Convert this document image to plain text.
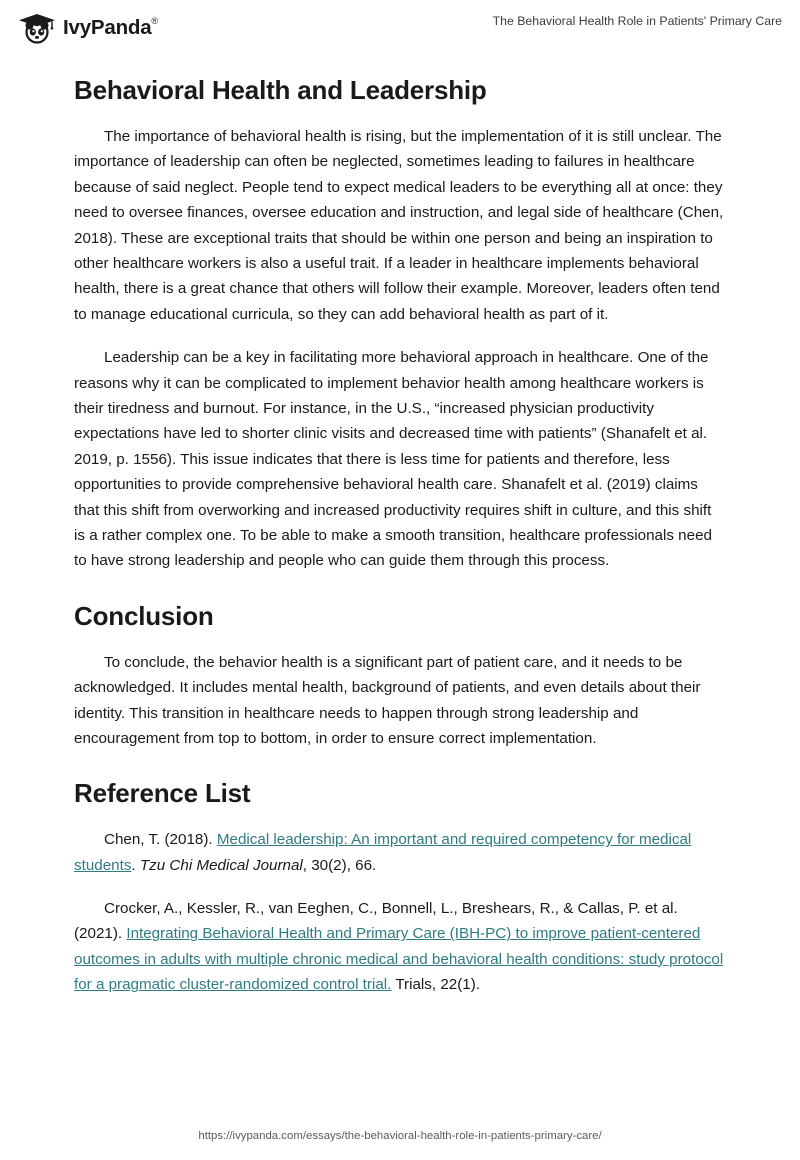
IvyPanda®	The Behavioral Health Role in Patients' Primary Care
Behavioral Health and Leadership

The importance of behavioral health is rising, but the implementation of it is still unclear. The importance of leadership can often be neglected, sometimes leading to failures in healthcare because of said neglect. People tend to expect medical leaders to be everything all at once: they need to oversee finances, oversee education and instruction, and legal side of healthcare (Chen, 2018). These are exceptional traits that should be within one person and being an inspiration to other healthcare workers is also a useful trait. If a leader in healthcare implements behavioral health, there is a great chance that others will follow their example. Moreover, leaders often tend to manage educational curricula, so they can add behavioral health as part of it.

Leadership can be a key in facilitating more behavioral approach in healthcare. One of the reasons why it can be complicated to implement behavior health among healthcare workers is their tiredness and burnout. For instance, in the U.S., “increased physician productivity expectations have led to shorter clinic visits and decreased time with patients” (Shanafelt et al. 2019, p. 1556). This issue indicates that there is less time for patients and therefore, less opportunities to provide comprehensive behavioral health care. Shanafelt et al. (2019) claims that this shift from overworking and increased productivity requires shift in culture, and this shift is a rather complex one. To be able to make a smooth transition, healthcare professionals need to have strong leadership and people who can guide them through this process.

Conclusion

To conclude, the behavior health is a significant part of patient care, and it needs to be acknowledged. It includes mental health, background of patients, and even details about their identity. This transition in healthcare needs to happen through strong leadership and encouragement from top to bottom, in order to ensure correct implementation.

Reference List

Chen, T. (2018). Medical leadership: An important and required competency for medical students. Tzu Chi Medical Journal, 30(2), 66.

Crocker, A., Kessler, R., van Eeghen, C., Bonnell, L., Breshears, R., & Callas, P. et al. (2021). Integrating Behavioral Health and Primary Care (IBH-PC) to improve patient-centered outcomes in adults with multiple chronic medical and behavioral health conditions: study protocol for a pragmatic cluster-randomized control trial. Trials, 22(1).

https://ivypanda.com/essays/the-behavioral-health-role-in-patients-primary-care/
